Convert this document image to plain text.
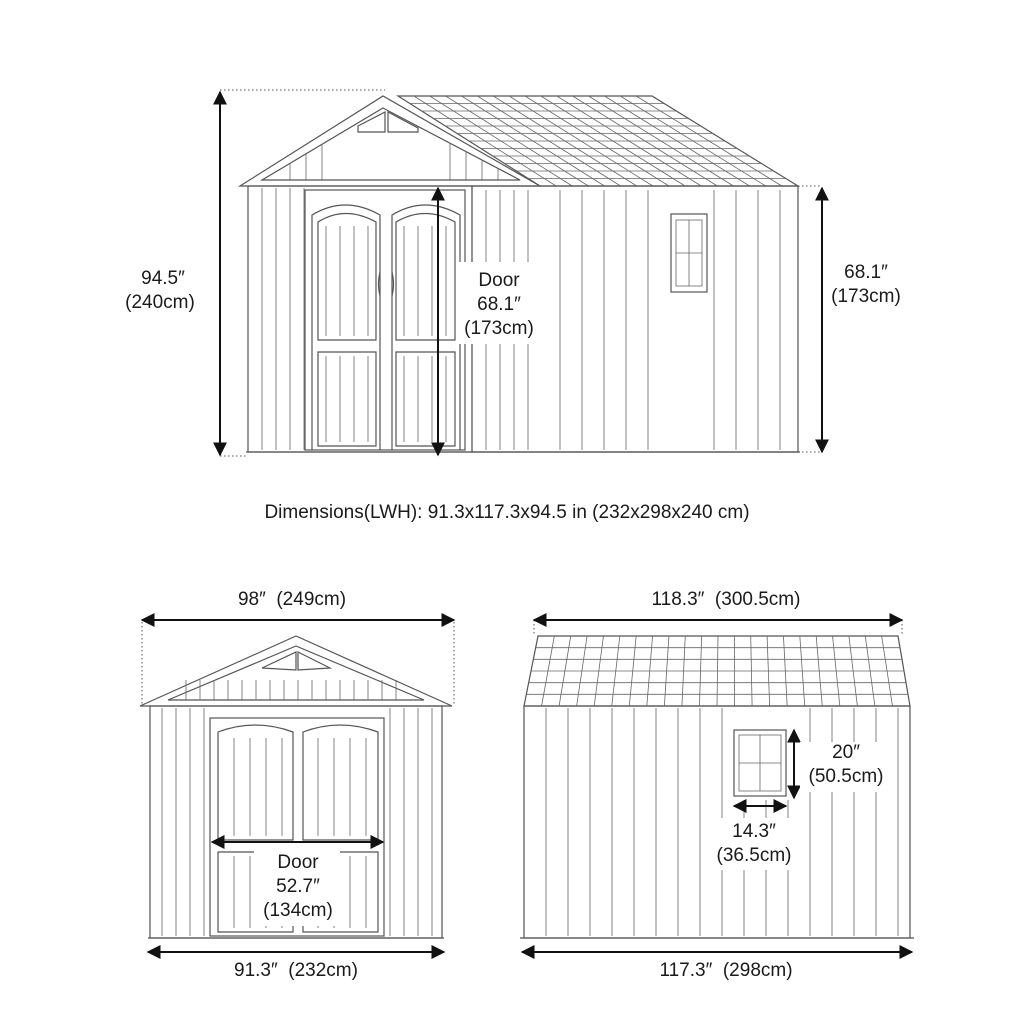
94.5″
(240cm)
Door
68.1″
(173cm)
68.1″
(173cm)
Dimensions(LWH): 91.3x117.3x94.5 in (232x298x240 cm)
98″  (249cm)
Door
52.7″
(134cm)
91.3″  (232cm)
118.3″  (300.5cm)
20″
(50.5cm)
14.3″
(36.5cm)
117.3″  (298cm)
